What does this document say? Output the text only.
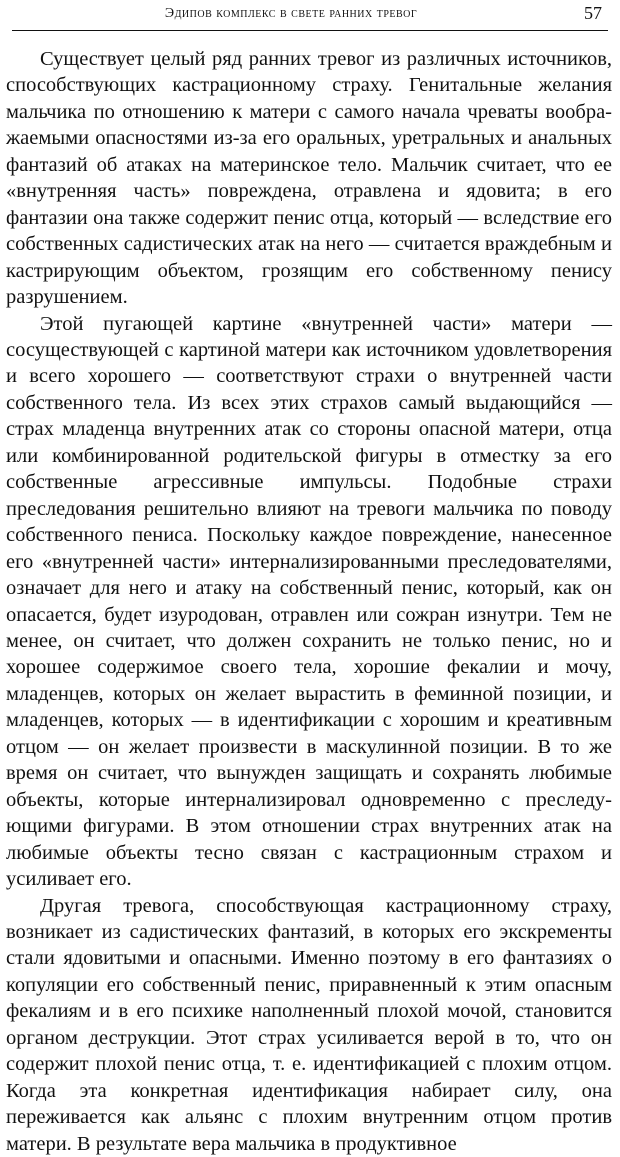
Эдипов комплекс в свете ранних тревог	57

Существует целый ряд ранних тревог из различных источников, способствующих кастрационному страху. Генитальные желания мальчика по отношению к матери с самого начала чреваты воображаемыми опасностями из-за его оральных, уретральных и анальных фантазий об атаках на материнское тело. Мальчик считает, что ее «внутренняя часть» повреждена, отравлена и ядовита; в его фантазии она также содержит пенис отца, который — вследствие его собственных садистических атак на него — считается враждебным и кастрирующим объектом, грозящим его собственному пенису разрушением.

Этой пугающей картине «внутренней части» матери — сосуществующей с картиной матери как источником удовлетворения и всего хорошего — соответствуют страхи о внутренней части собственного тела. Из всех этих страхов самый выдающийся — страх младенца внутренних атак со стороны опасной матери, отца или комбинированной родительской фигуры в отместку за его собственные агрессивные импульсы. Подобные страхи преследования решительно влияют на тревоги мальчика по поводу собственного пениса. Поскольку каждое повреждение, нанесенное его «внутренней части» интернализированными преследователями, означает для него и атаку на собственный пенис, который, как он опасается, будет изуродован, отравлен или сожран изнутри. Тем не менее, он считает, что должен сохранить не только пенис, но и хорошее содержимое своего тела, хорошие фекалии и мочу, младенцев, которых он желает вырастить в феминной позиции, и младенцев, которых — в идентификации с хорошим и креативным отцом — он желает произвести в маскулинной позиции. В то же время он считает, что вынужден защищать и сохранять любимые объекты, которые интернализировал одновременно с преследующими фигурами. В этом отношении страх внутренних атак на любимые объекты тесно связан с кастрационным страхом и усиливает его.

Другая тревога, способствующая кастрационному страху, возникает из садистических фантазий, в которых его экскременты стали ядовитыми и опасными. Именно поэтому в его фантазиях о копуляции его собственный пенис, приравненный к этим опасным фекалиям и в его психике наполненный плохой мочой, становится органом деструкции. Этот страх усиливается верой в то, что он содержит плохой пенис отца, т. е. идентификацией с плохим отцом. Когда эта конкретная идентификация набирает силу, она переживается как альянс с плохим внутренним отцом против матери. В результате вера мальчика в продуктивное
